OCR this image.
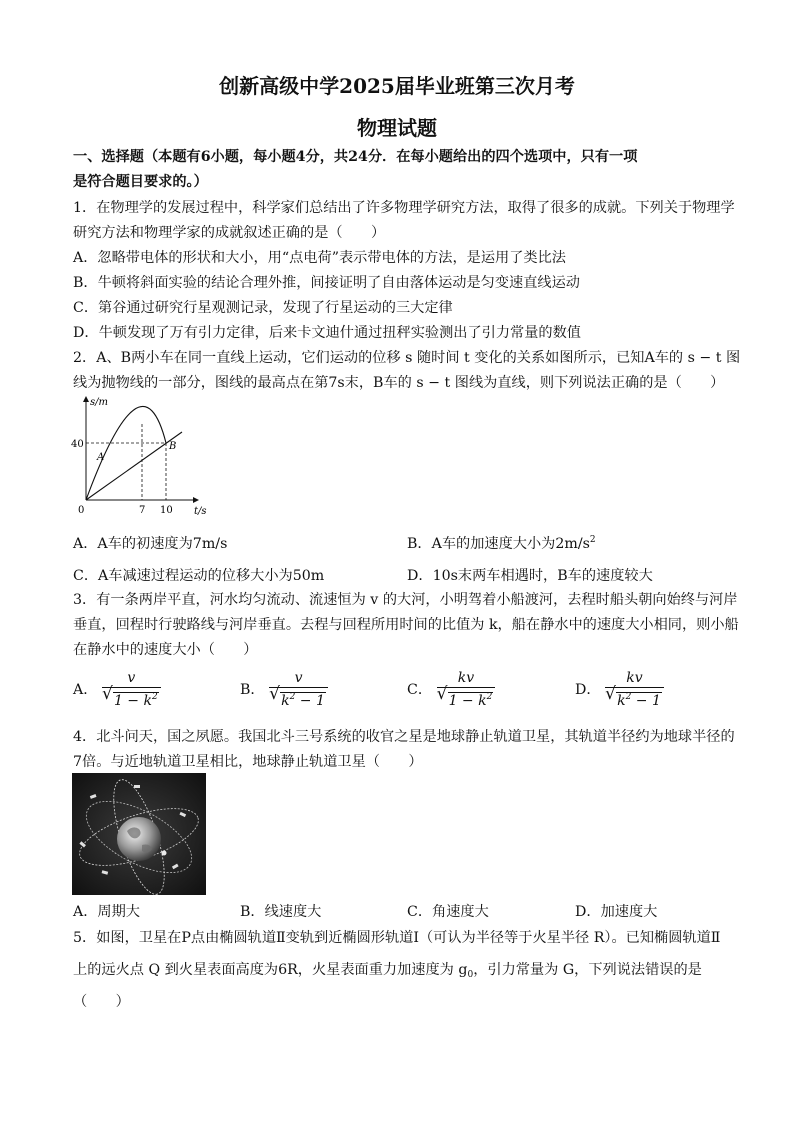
创新高级中学2025届毕业班第三次月考
物理试题
一、选择题（本题有6小题，每小题4分，共24分．在每小题给出的四个选项中，只有一项
是符合题目要求的。）
1．在物理学的发展过程中，科学家们总结出了许多物理学研究方法，取得了很多的成就。下列关于物理学
研究方法和物理学家的成就叙述正确的是（　　）
A．忽略带电体的形状和大小，用“点电荷”表示带电体的方法，是运用了类比法
B．牛顿将斜面实验的结论合理外推，间接证明了自由落体运动是匀变速直线运动
C．第谷通过研究行星观测记录，发现了行星运动的三大定律
D．牛顿发现了万有引力定律，后来卡文迪什通过扭秤实验测出了引力常量的数值
2．A、B两小车在同一直线上运动，它们运动的位移 s 随时间 t 变化的关系如图所示，已知A车的 s − t 图
线为抛物线的一部分，图线的最高点在第7s末，B车的 s − t 图线为直线，则下列说法正确的是（　　）
s/m
t/s
0
40
7 10
A
B
A．A车的初速度为7m/s	B．A车的加速度大小为$2m/s^2$
C．A车减速过程运动的位移大小为50m	D．10s末两车相遇时，B车的速度较大
3．有一条两岸平直，河水均匀流动、流速恒为 v 的大河，小明驾着小船渡河，去程时船头朝向始终与河岸
垂直，回程时行驶路线与河岸垂直。去程与回程所用时间的比值为 k，船在静水中的速度大小相同，则小船
在静水中的速度大小（　　）
A． v
√ $1 - k^2$	B． v
√ $k^2 - 1$	C． kv
√ $1 - k^2$	D． kv
√ $k^2 - 1$
4．北斗问天，国之夙愿。我国北斗三号系统的收官之星是地球静止轨道卫星，其轨道半径约为地球半径的
7倍。与近地轨道卫星相比，地球静止轨道卫星（　　）
A．周期大	B．线速度大	C．角速度大	D．加速度大
5．如图，卫星在P点由椭圆轨道Ⅱ变轨到近椭圆形轨道Ⅰ（可认为半径等于火星半径 R）。已知椭圆轨道Ⅱ
上的远火点 Q 到火星表面高度为6R，火星表面重力加速度为 $g_0$，引力常量为 G，下列说法错误的是
（　　）
